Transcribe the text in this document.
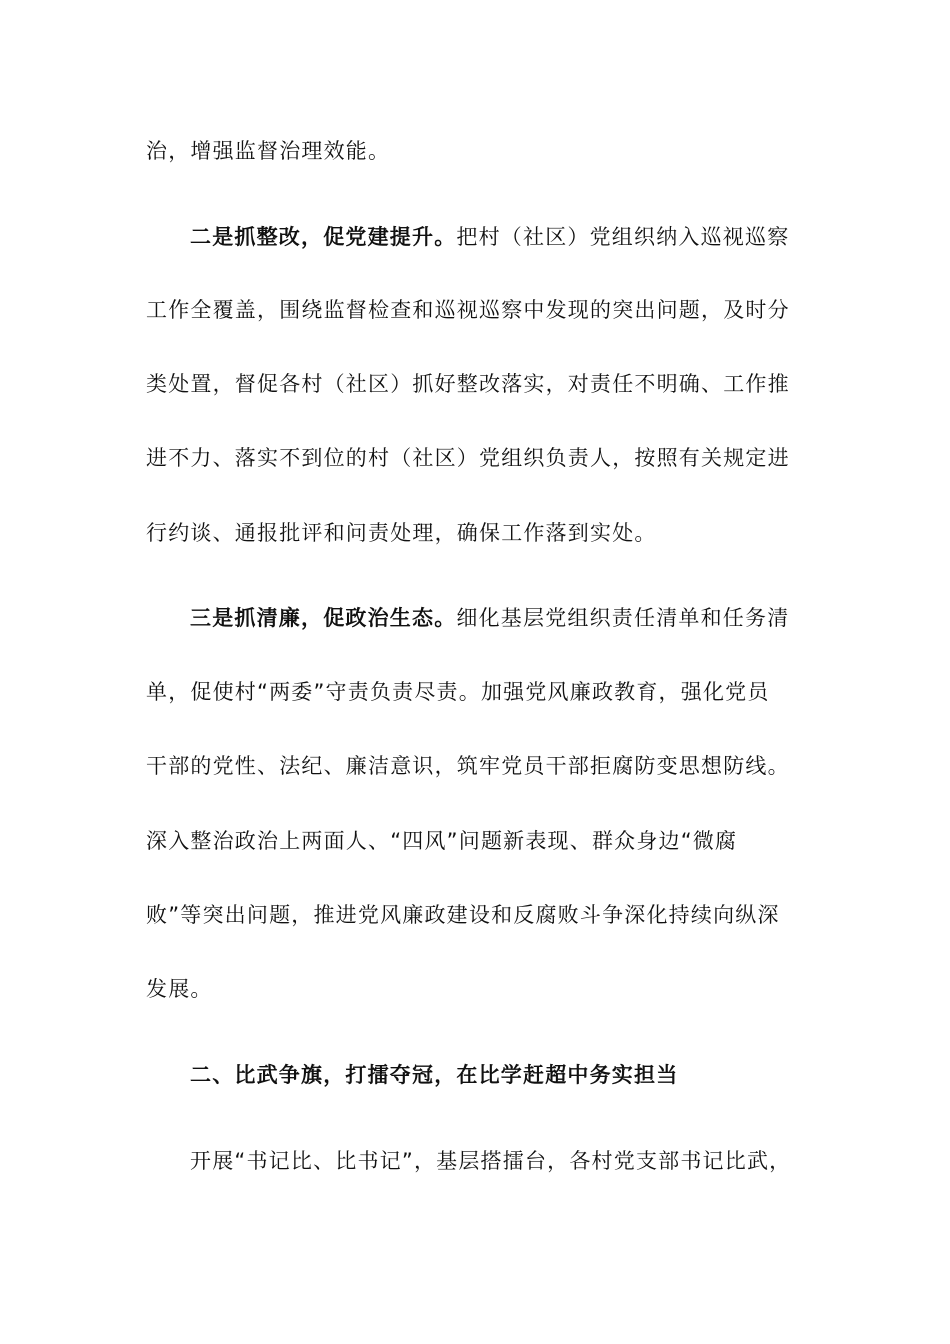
治，增强监督治理效能。
二是抓整改，促党建提升。把村（社区）党组织纳入巡视巡察
工作全覆盖，围绕监督检查和巡视巡察中发现的突出问题，及时分
类处置，督促各村（社区）抓好整改落实，对责任不明确、工作推
进不力、落实不到位的村（社区）党组织负责人，按照有关规定进
行约谈、通报批评和问责处理，确保工作落到实处。
三是抓清廉，促政治生态。细化基层党组织责任清单和任务清
单，促使村“两委”守责负责尽责。加强党风廉政教育，强化党员
干部的党性、法纪、廉洁意识，筑牢党员干部拒腐防变思想防线。
深入整治政治上两面人、“四风”问题新表现、群众身边“微腐
败”等突出问题，推进党风廉政建设和反腐败斗争深化持续向纵深
发展。
二、比武争旗，打擂夺冠，在比学赶超中务实担当
开展“书记比、比书记”，基层搭擂台，各村党支部书记比武，
